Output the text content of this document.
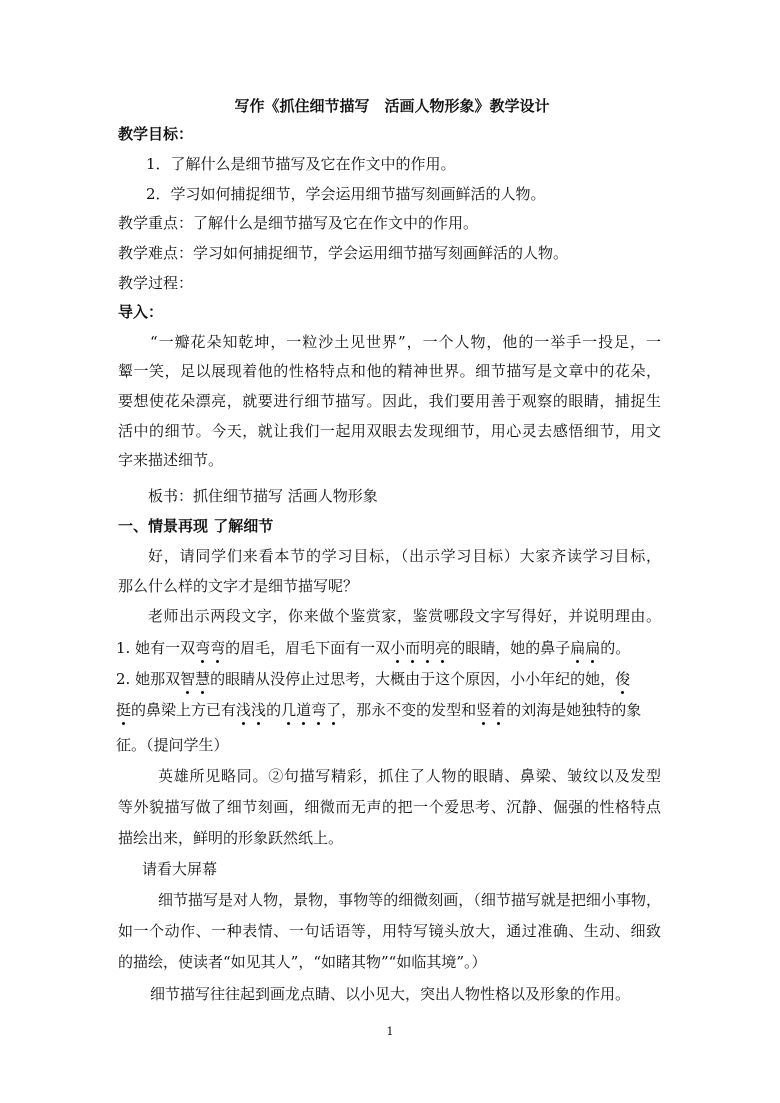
写作《抓住细节描写　活画人物形象》教学设计
教学目标：
1．了解什么是细节描写及它在作文中的作用。
2．学习如何捕捉细节，学会运用细节描写刻画鲜活的人物。
教学重点：了解什么是细节描写及它在作文中的作用。
教学难点：学习如何捕捉细节，学会运用细节描写刻画鲜活的人物。
教学过程：
导入：
“一瓣花朵知乾坤，一粒沙土见世界”，一个人物，他的一举手一投足，一
颦一笑，足以展现着他的性格特点和他的精神世界。细节描写是文章中的花朵，
要想使花朵漂亮，就要进行细节描写。因此，我们要用善于观察的眼睛，捕捉生
活中的细节。今天，就让我们一起用双眼去发现细节，用心灵去感悟细节，用文
字来描述细节。
板书：抓住细节描写 活画人物形象
一、情景再现 了解细节
好，请同学们来看本节的学习目标，（出示学习目标）大家齐读学习目标，
那么什么样的文字才是细节描写呢？
老师出示两段文字，你来做个鉴赏家，鉴赏哪段文字写得好，并说明理由。
1. 她有一双弯弯的眉毛，眉毛下面有一双小而明亮的眼睛，她的鼻子扁扁的。
2. 她那双智慧的眼睛从没停止过思考，大概由于这个原因，小小年纪的她，俊
挺的鼻梁上方已有浅浅的几道弯了，那永不变的发型和竖着的刘海是她独特的象
征。（提问学生）
英雄所见略同。②句描写精彩，抓住了人物的眼睛、鼻梁、皱纹以及发型
等外貌描写做了细节刻画，细微而无声的把一个爱思考、沉静、倔强的性格特点
描绘出来，鲜明的形象跃然纸上。
请看大屏幕
细节描写是对人物，景物，事物等的细微刻画，（细节描写就是把细小事物，
如一个动作、一种表情、一句话语等，用特写镜头放大，通过准确、生动、细致
的描绘，使读者“如见其人”，“如睹其物”“如临其境”。）
细节描写往往起到画龙点睛、以小见大，突出人物性格以及形象的作用。
1
